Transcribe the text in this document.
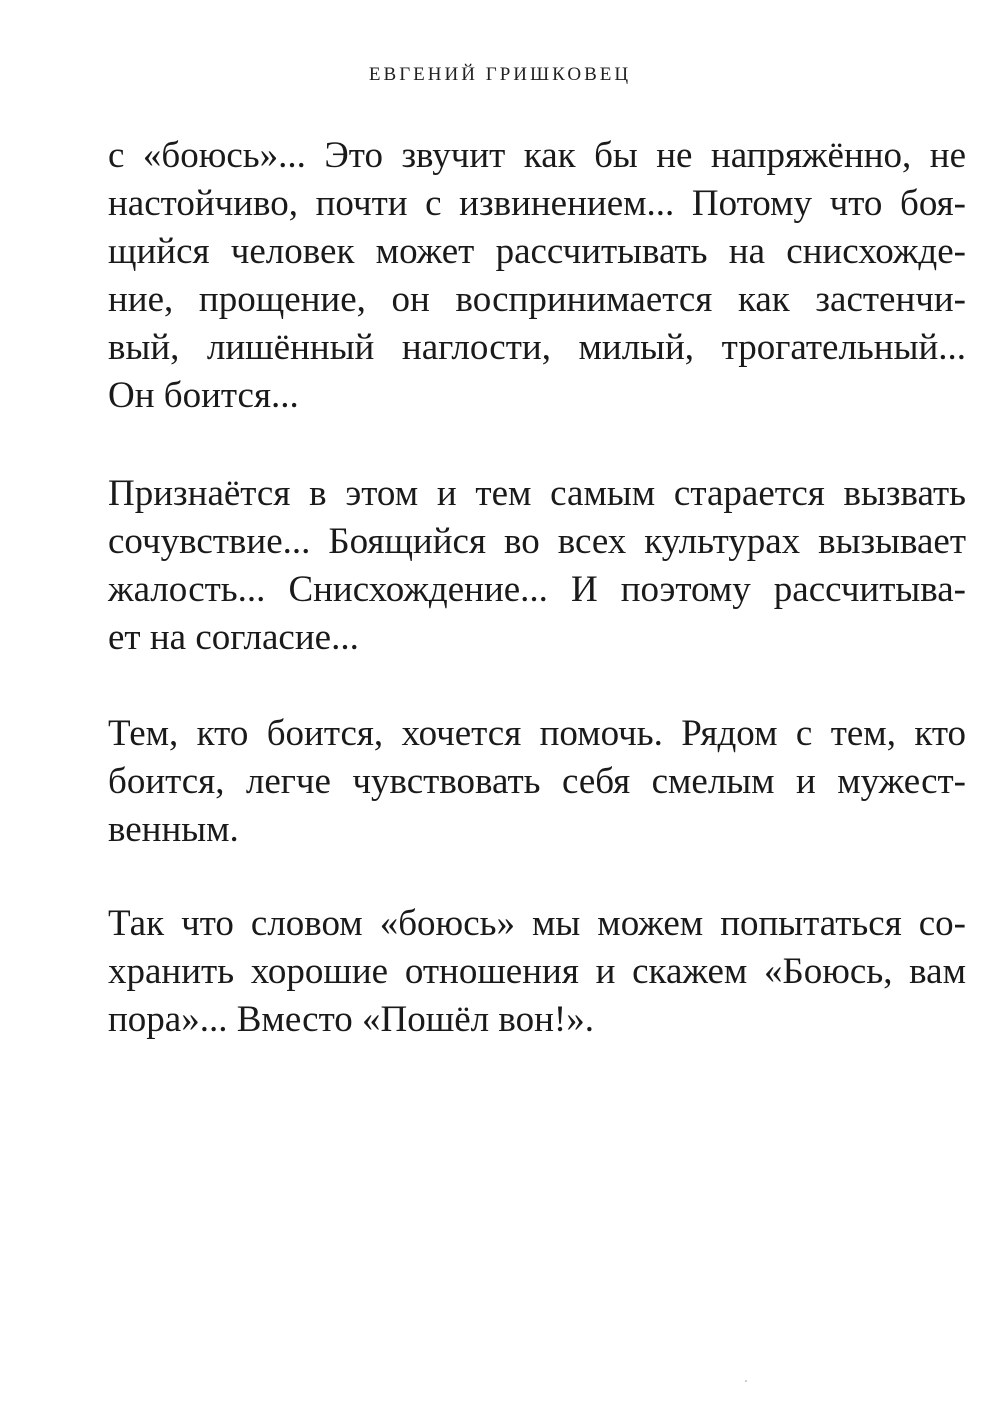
ЕВГЕНИЙ ГРИШКОВЕЦ
с «боюсь»... Это звучит как бы не напряжённо, не
настойчиво, почти с извинением... Потому что боя-
щийся человек может рассчитывать на снисхожде-
ние, прощение, он воспринимается как застенчи-
вый, лишённый наглости, милый, трогательный...
Он боится...
Признаётся в этом и тем самым старается вызвать
сочувствие... Боящийся во всех культурах вызывает
жалость... Снисхождение... И поэтому рассчитыва-
ет на согласие...
Тем, кто боится, хочется помочь. Рядом с тем, кто
боится, легче чувствовать себя смелым и мужест-
венным.
Так что словом «боюсь» мы можем попытаться со-
хранить хорошие отношения и скажем «Боюсь, вам
пора»... Вместо «Пошёл вон!».
